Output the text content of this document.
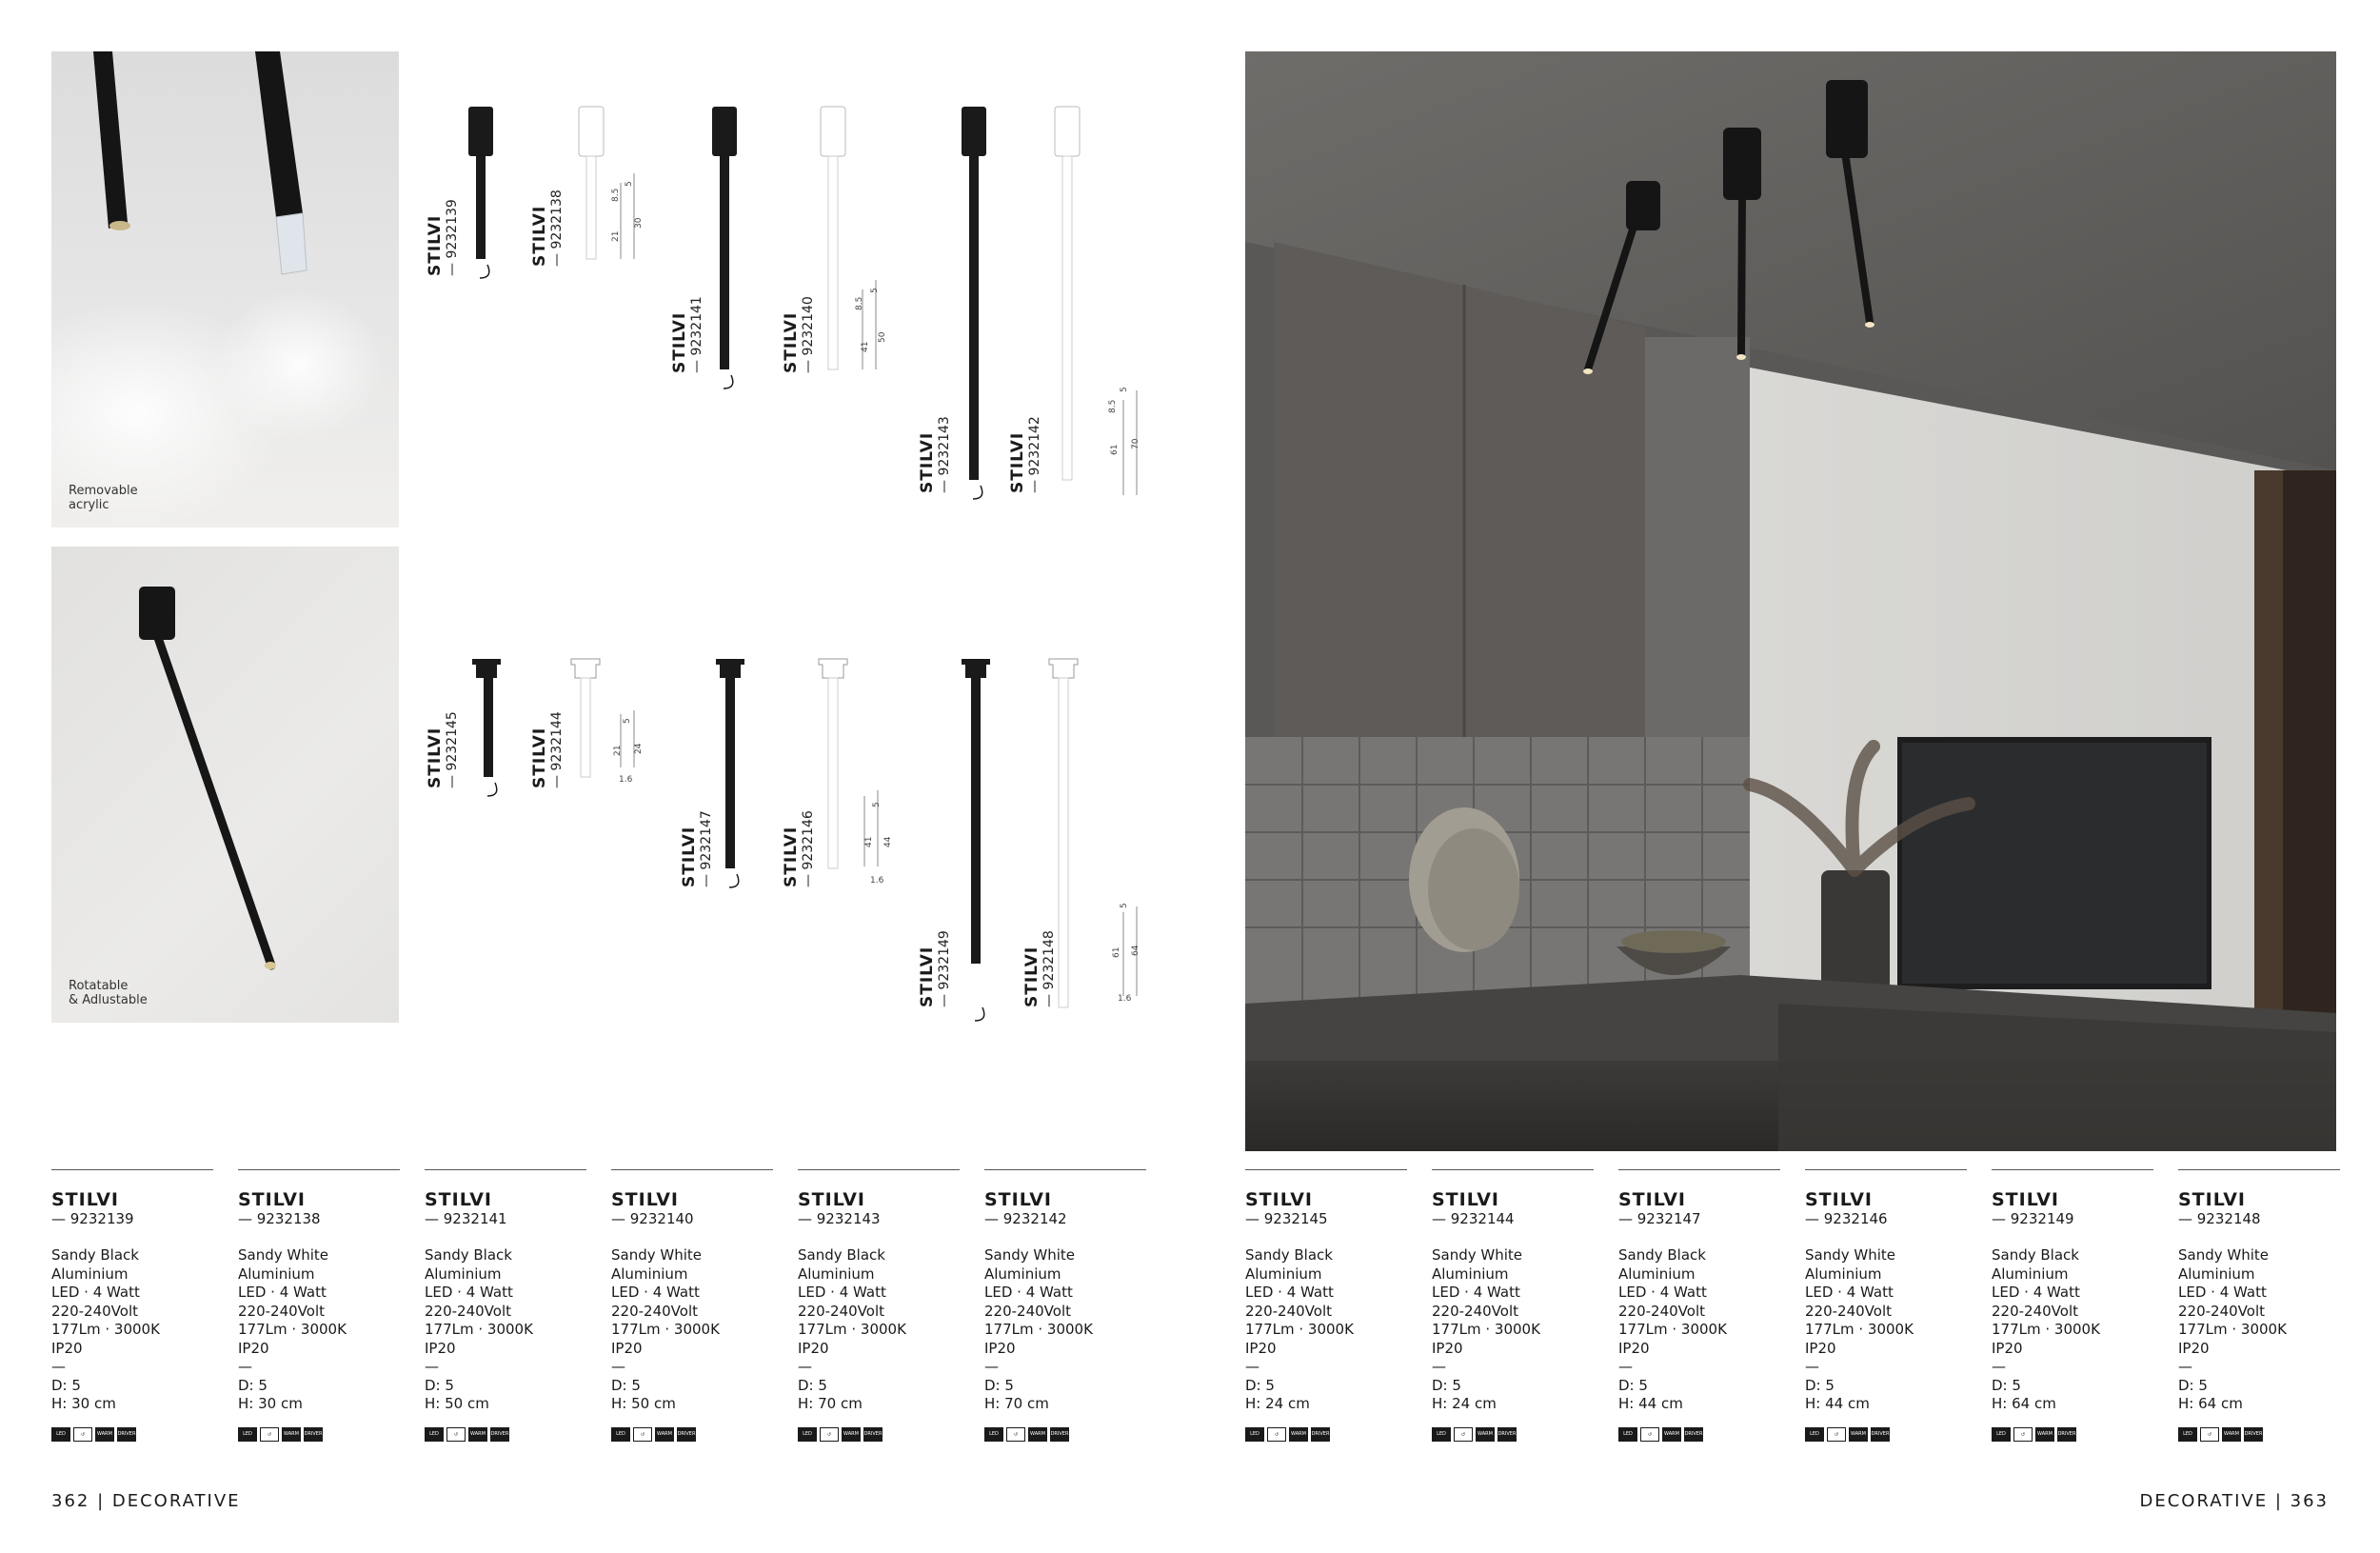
Removable
acrylic
Rotatable
& Adlustable
STILVI — 9232139	STILVI — 9232138
STILVI — 9232141	STILVI — 9232140
STILVI — 9232143	STILVI — 9232142
STILVI — 9232145	STILVI — 9232144
STILVI — 9232147	STILVI — 9232146
STILVI — 9232149	STILVI — 9232148
5
8.5
21
30
5
8.5
41
50
5
8.5
61
70
5
21 24
1.6
5
41 44
1.6
5
61 64
1.6
STILVI
— 9232139
Sandy Black
Aluminium
LED · 4 Watt
220-240Volt
177Lm · 3000K
IP20
—
D: 5
H: 30 cm
LED	↺	WARM WHITE
DRIVER INCL.
STILVI
— 9232138
Sandy White
Aluminium
LED · 4 Watt
220-240Volt
177Lm · 3000K
IP20
—
D: 5
H: 30 cm
LED	↺	WARM WHITE
DRIVER INCL.
STILVI
— 9232141
Sandy Black
Aluminium
LED · 4 Watt
220-240Volt
177Lm · 3000K
IP20
—
D: 5
H: 50 cm
LED	↺	WARM WHITE
DRIVER INCL.
STILVI
— 9232140
Sandy White
Aluminium
LED · 4 Watt
220-240Volt
177Lm · 3000K
IP20
—
D: 5
H: 50 cm
LED	↺	WARM WHITE
DRIVER INCL.
STILVI
— 9232143
Sandy Black
Aluminium
LED · 4 Watt
220-240Volt
177Lm · 3000K
IP20
—
D: 5
H: 70 cm
LED	↺	WARM WHITE
DRIVER INCL.
STILVI
— 9232142
Sandy White
Aluminium
LED · 4 Watt
220-240Volt
177Lm · 3000K
IP20
—
D: 5
H: 70 cm
LED	↺	WARM WHITE
DRIVER INCL.
STILVI
— 9232145
Sandy Black
Aluminium
LED · 4 Watt
220-240Volt
177Lm · 3000K
IP20
—
D: 5
H: 24 cm
LED	↺	WARM WHITE
DRIVER INCL.
STILVI
— 9232144
Sandy White
Aluminium
LED · 4 Watt
220-240Volt
177Lm · 3000K
IP20
—
D: 5
H: 24 cm
LED	↺	WARM WHITE
DRIVER INCL.
STILVI
— 9232147
Sandy Black
Aluminium
LED · 4 Watt
220-240Volt
177Lm · 3000K
IP20
—
D: 5
H: 44 cm
LED	↺	WARM WHITE
DRIVER INCL.
STILVI
— 9232146
Sandy White
Aluminium
LED · 4 Watt
220-240Volt
177Lm · 3000K
IP20
—
D: 5
H: 44 cm
LED	↺	WARM WHITE
DRIVER INCL.
STILVI
— 9232149
Sandy Black
Aluminium
LED · 4 Watt
220-240Volt
177Lm · 3000K
IP20
—
D: 5
H: 64 cm
LED	↺	WARM WHITE
DRIVER INCL.
STILVI
— 9232148
Sandy White
Aluminium
LED · 4 Watt
220-240Volt
177Lm · 3000K
IP20
—
D: 5
H: 64 cm
LED	↺	WARM WHITE
DRIVER INCL.
362 | DECORATIVE	DECORATIVE | 363
